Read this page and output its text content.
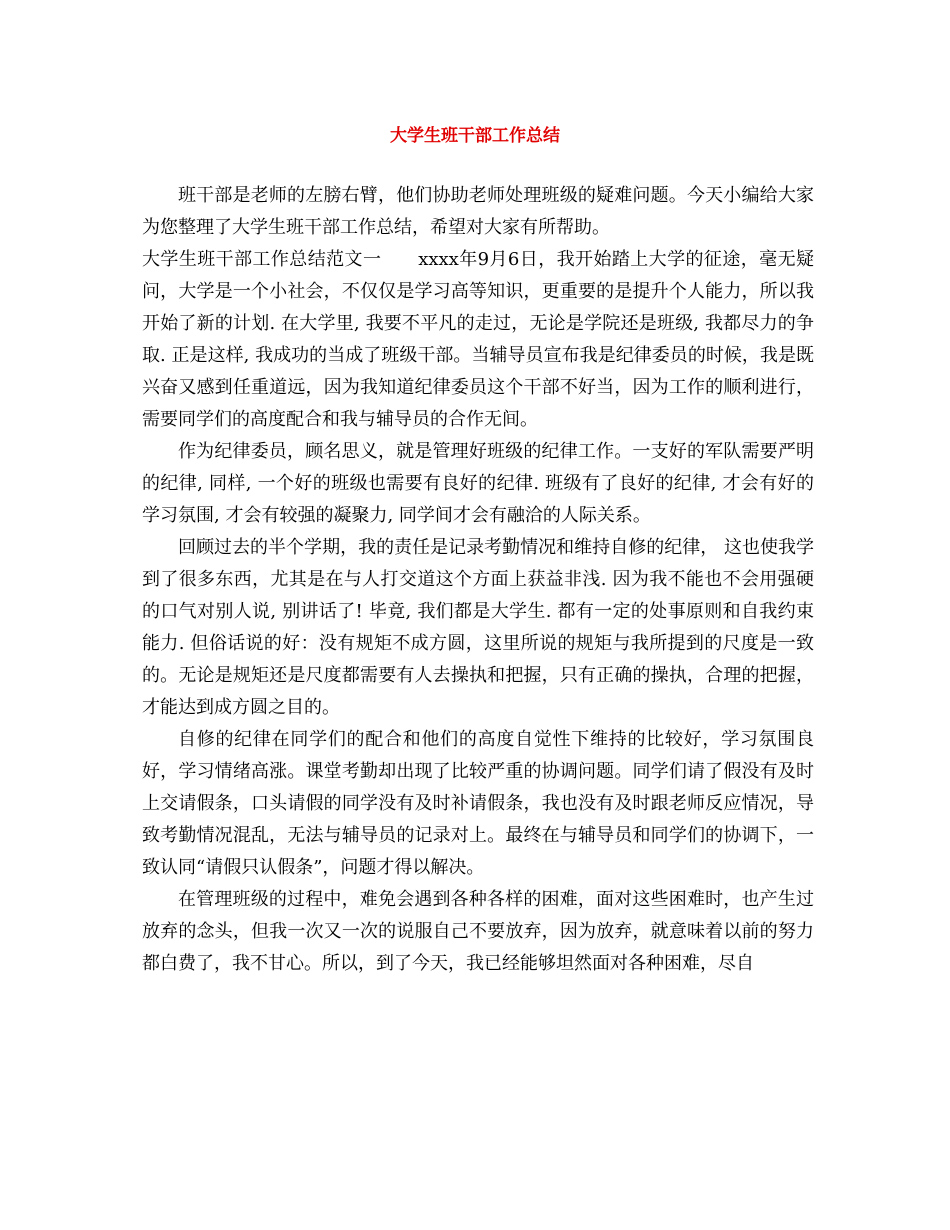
大学生班干部工作总结

班干部是老师的左膀右臂，他们协助老师处理班级的疑难问题。今天小编给大家为您整理了大学生班干部工作总结，希望对大家有所帮助。

大学生班干部工作总结范文一　　xxxx年9月6日，我开始踏上大学的征途，毫无疑问，大学是一个小社会，不仅仅是学习高等知识，更重要的是提升个人能力，所以我开始了新的计划. 在大学里, 我要不平凡的走过，无论是学院还是班级, 我都尽力的争取. 正是这样, 我成功的当成了班级干部。当辅导员宣布我是纪律委员的时候，我是既兴奋又感到任重道远，因为我知道纪律委员这个干部不好当，因为工作的顺利进行，需要同学们的高度配合和我与辅导员的合作无间。

作为纪律委员，顾名思义，就是管理好班级的纪律工作。一支好的军队需要严明的纪律, 同样, 一个好的班级也需要有良好的纪律. 班级有了良好的纪律, 才会有好的学习氛围, 才会有较强的凝聚力, 同学间才会有融洽的人际关系。

回顾过去的半个学期，我的责任是记录考勤情况和维持自修的纪律， 这也使我学到了很多东西，尤其是在与人打交道这个方面上获益非浅. 因为我不能也不会用强硬的口气对别人说, 别讲话了! 毕竟, 我们都是大学生. 都有一定的处事原则和自我约束能力. 但俗话说的好：没有规矩不成方圆，这里所说的规矩与我所提到的尺度是一致的。无论是规矩还是尺度都需要有人去操执和把握，只有正确的操执，合理的把握，才能达到成方圆之目的。

自修的纪律在同学们的配合和他们的高度自觉性下维持的比较好，学习氛围良好，学习情绪高涨。课堂考勤却出现了比较严重的协调问题。同学们请了假没有及时上交请假条，口头请假的同学没有及时补请假条，我也没有及时跟老师反应情况，导致考勤情况混乱，无法与辅导员的记录对上。最终在与辅导员和同学们的协调下，一致认同“请假只认假条”，问题才得以解决。

在管理班级的过程中，难免会遇到各种各样的困难，面对这些困难时，也产生过放弃的念头，但我一次又一次的说服自己不要放弃，因为放弃，就意味着以前的努力都白费了，我不甘心。所以，到了今天，我已经能够坦然面对各种困难，尽自
